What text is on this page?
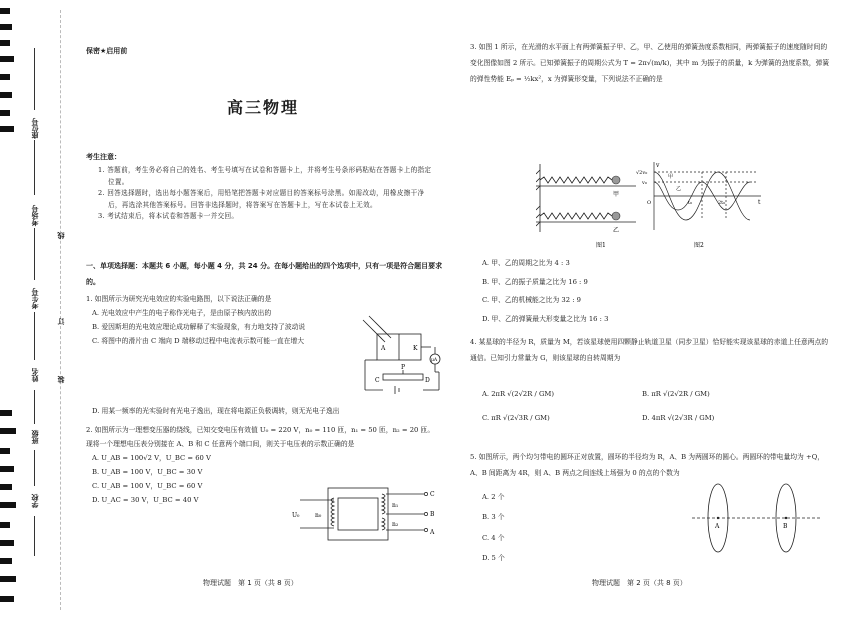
座位号
考场号
考生号
姓名
班级
学校
线
订
装
保密★启用前
高三物理
考生注意：

1. 答题前，考生务必将自己的姓名、考生号填写在试卷和答题卡上，并将考生号条形码粘贴在答题卡上的指定位置。

2. 回答选择题时，选出每小题答案后，用铅笔把答题卡对应题目的答案标号涂黑。如需改动，用橡皮擦干净后，再选涂其他答案标号。回答非选择题时，将答案写在答题卡上，写在本试卷上无效。

3. 考试结束后，将本试卷和答题卡一并交回。

一、单项选择题：本题共 6 小题，每小题 4 分，共 24 分。在每小题给出的四个选项中，只有一项是符合题目要求的。
1. 如图所示为研究光电效应的实验电路图，以下说法正确的是
A. 光电效应中产生的电子称作光电子，是由原子核内放出的
B. 爱因斯坦的光电效应理论成功解释了实验现象，有力地支持了波动说
C. 将图中的滑片由 C 端向 D 端移动过程中电流表示数可能一直在增大
D. 用某一频率的光实验时有光电子逸出，现在将电源正负极调转，则无光电子逸出
A	K
C	D
P
μA
2. 如图所示为一理想变压器的绕线，已知交变电压有效值 U₀ = 220 V，n₀ = 110 匝，n₁ = 50 匝，n₂ = 20 匝。现将一个理想电压表分别接在 A、B 和 C 任意两个端口间，则关于电压表的示数正确的是
A. U_AB = 100√2 V，U_BC = 60 V
B. U_AB = 100 V，U_BC = 30 V
C. U_AB = 100 V，U_BC = 60 V
D. U_AC = 30 V，U_BC = 40 V
U₀	n₀
n₁
n₂
C
B
A
物理试题　第 1 页（共 8 页）
3. 如图 1 所示，在光滑的水平面上有两弹簧振子甲、乙，甲、乙使用的弹簧劲度系数相同，两弹簧振子的速度随时间的变化图像如图 2 所示。已知弹簧振子的周期公式为 T = 2π√(m/k)，其中 m 为振子的质量，k 为弹簧的劲度系数，弹簧的弹性势能 Eₚ = ½kx²，x 为弹簧形变量，下列说法不正确的是
甲
乙
图1
v
t
√2v₀
v₀
t₀	2t₀
O
甲
乙
图2
A. 甲、乙的周期之比为 4 : 3
B. 甲、乙的振子质量之比为 16 : 9
C. 甲、乙的机械能之比为 32 : 9
D. 甲、乙的弹簧最大形变量之比为 16 : 3
4. 某星球的半径为 R，质量为 M，若该星球使用四颗静止轨道卫星（同步卫星）恰好能实现该星球的赤道上任意两点的通信。已知引力常量为 G，则该星球的自转周期为
A. 2πR √(2√2R / GM)	B. πR √(2√2R / GM)
C. πR √(2√3R / GM)	D. 4πR √(2√3R / GM)
5. 如图所示，两个均匀带电的圆环正对放置，圆环的半径均为 R，A、B 为两圆环的圆心。两圆环的带电量均为 +Q，A、B 间距离为 4R，则 A、B 两点之间连线上场强为 0 的点的个数为
A. 2 个
B. 3 个
C. 4 个
D. 5 个
A	B
物理试题　第 2 页（共 8 页）
